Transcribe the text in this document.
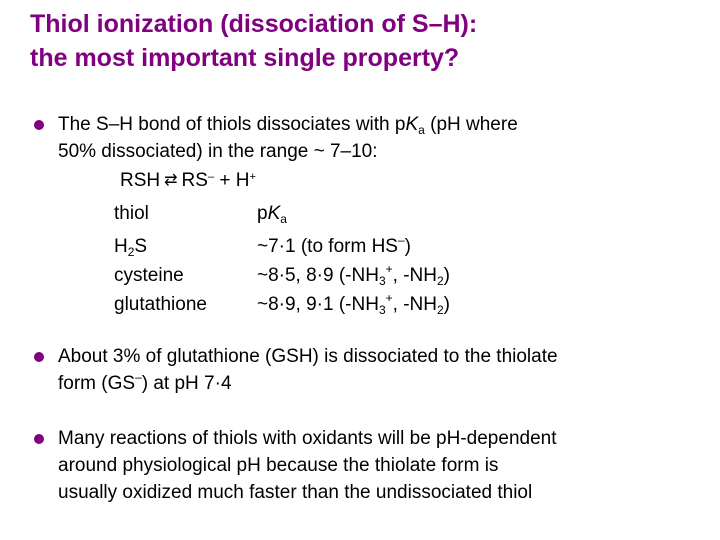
Thiol ionization (dissociation of S–H):
the most important single property?
The S–H bond of thiols dissociates with $pK_a$ (pH where
50% dissociated) in the range ~ 7–10:
RSH ⇄ RS– + H+
thiol	$pK_a$
$H_2S$	~7·1 (to form HS–)
cysteine	~8·5, 8·9 ($-NH_3^+$, $-NH_2$)
glutathione	~8·9, 9·1 ($-NH_3^+$, $-NH_2$)
About 3% of glutathione (GSH) is dissociated to the thiolate
form (GS–) at pH 7·4
Many reactions of thiols with oxidants will be pH-dependent
around physiological pH because the thiolate form is
usually oxidized much faster than the undissociated thiol
